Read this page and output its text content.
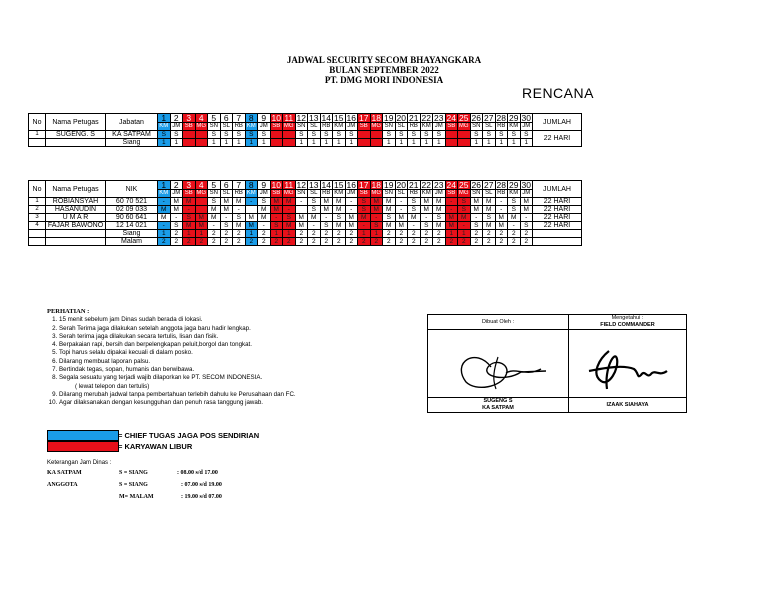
JADWAL SECURITY SECOM BHAYANGKARA
BULAN SEPTEMBER 2022
PT. DMG MORI INDONESIA
RENCANA
No	Nama Petugas	Jabatan	1	2	3	4	5	6	7	8	9	10	11	12	13	14	15	16	17	18	19	20	21	22	23	24	25	26	27	28	29	30	JUMLAH
			KM	JM	SB	MG	SN	SL	RB	KM	JM	SB	MG	SN	SL	RB	KM	JM	SB	MG	SN	SL	RB	KM	JM	SB	MG	SN	SL	RB	KM	JM	
1	SUGENG. S	KA SATPAM	S	S			S	S	S	S	S			S	S	S	S	S			S	S	S	S	S			S	S	S	S	S	22 HARI
		Siang	1	1			1	1	1	1	1			1	1	1	1	1			1	1	1	1	1			1	1	1	1	1	
No	Nama Petugas	NIK	1	2	3	4	5	6	7	8	9	10	11	12	13	14	15	16	17	18	19	20	21	22	23	24	25	26	27	28	29	30	JUMLAH
			KM	JM	SB	MG	SN	SL	RB	KM	JM	SB	MG	SN	SL	RB	KM	JM	SB	MG	SN	SL	RB	KM	JM	SB	MG	SN	SL	RB	KM	JM	
1	ROBIANSYAH	60 70 521	-	M	M		S	M	M	-	S	M	M	-	S	M	M	-	S	M	M	-	S	M	M	-	S	M	M	-	S	M	22 HARI
2	HASANUDIN	02 09 033	M	M	-		M	M	-		M	M	-		S	M	M	-	S	M	M	-	S	M	M	-	S	M	M	-	S	M	22 HARI
3	U M A R	90 60 641	M	-	S	M	M	-	S	M	M	-	S	M	M	-	S	M	M	-	S	M	M	-	S	M	M	-	S	M	M	-	22 HARI
4	FAJAR BAWONO	12 14 021	-	S	M	M	-	S	M	M	-	S	M	M	-	S	M	M	-	S	M	M	-	S	M	M	-	S	M	M	-	S	22 HARI
		Siang	1	2	1	1	2	2	2	1	2	1	1	2	2	2	2	2	1	1	2	2	2	2	2	1	1	2	2	2	2	2	
		Malam	2	2	2	2	2	2	2	2	2	2	2	2	2	2	2	2	2	2	2	2	2	2	2	2	2	2	2	2	2	2	
PERHATIAN :
1. 15 menit sebelum jam Dinas sudah berada di lokasi.
2. Serah Terima jaga dilakukan setelah anggota jaga baru hadir lengkap.
3. Serah terima jaga dilakukan secara tertulis, lisan dan fisik.
4. Berpakaian rapi, bersih dan berpelengkapan peluit,borgol dan tongkat.
5. Topi harus selalu dipakai kecuali di dalam posko.
6. Dilarang membuat laporan palsu.
7. Bertindak tegas, sopan, humanis dan berwibawa.
8. Segala sesuatu yang terjadi wajib dilaporkan ke PT. SECOM INDONESIA.
( lewat telepon dan tertulis)
9. Dilarang merubah jadwal tanpa pembertahuan terlebih dahulu ke Perusahaan dan FC.
10. Agar dilaksanakan dengan kesungguhan dan penuh rasa tanggung jawab.
= CHIEF TUGAS JAGA POS SENDIRIAN
= KARYAWAN LIBUR
Keterangan Jam Dinas :
KA SATPAM	S = SIANG	: 08.00 s/d 17.00
ANGGOTA	S = SIANG	: 07.00 s/d 19.00
M= MALAM	: 19.00 s/d 07.00
Dibuat Oleh :
SUGENG S
KA SATPAM
Mengetahui :
FIELD COMMANDER
IZAAK SIAHAYA
